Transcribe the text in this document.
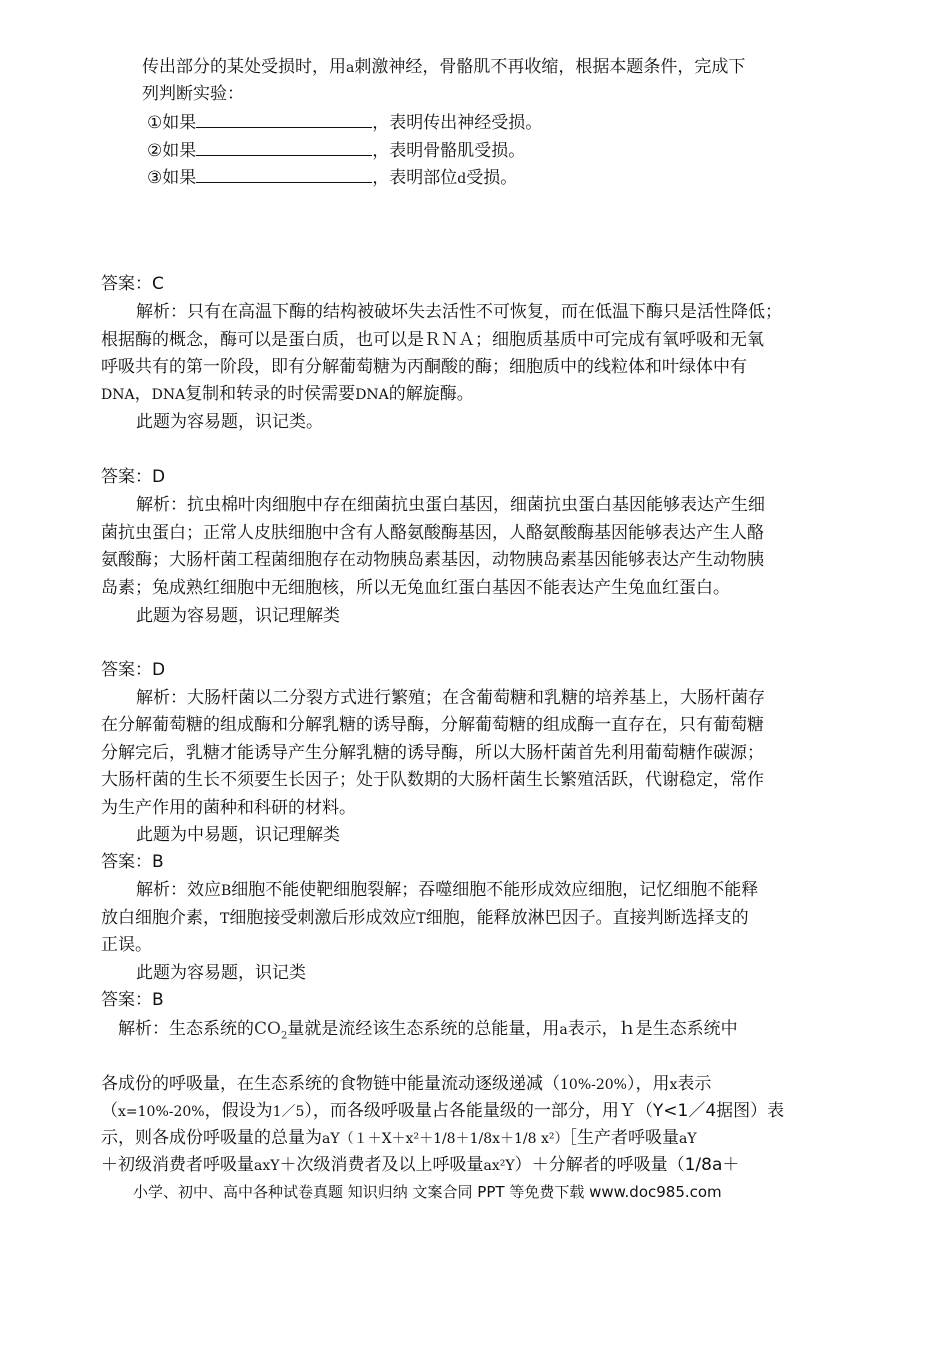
传出部分的某处受损时，用a刺激神经，骨骼肌不再收缩，根据本题条件，完成下
列判断实验：
①如果	，表明传出神经受损。
②如果	，表明骨骼肌受损。
③如果	，表明部位d受损。
答案：C
解析：只有在高温下酶的结构被破坏失去活性不可恢复，而在低温下酶只是活性降低；
根据酶的概念，酶可以是蛋白质，也可以是ＲＮＡ；细胞质基质中可完成有氧呼吸和无氧
呼吸共有的第一阶段，即有分解葡萄糖为丙酮酸的酶；细胞质中的线粒体和叶绿体中有
DNA，DNA复制和转录的时侯需要DNA的解旋酶。
此题为容易题，识记类。
答案：D
解析：抗虫棉叶肉细胞中存在细菌抗虫蛋白基因，细菌抗虫蛋白基因能够表达产生细
菌抗虫蛋白；正常人皮肤细胞中含有人酪氨酸酶基因，人酪氨酸酶基因能够表达产生人酪
氨酸酶；大肠杆菌工程菌细胞存在动物胰岛素基因，动物胰岛素基因能够表达产生动物胰
岛素；兔成熟红细胞中无细胞核，所以无兔血红蛋白基因不能表达产生兔血红蛋白。
此题为容易题，识记理解类
答案：D
解析：大肠杆菌以二分裂方式进行繁殖；在含葡萄糖和乳糖的培养基上，大肠杆菌存
在分解葡萄糖的组成酶和分解乳糖的诱导酶，分解葡萄糖的组成酶一直存在，只有葡萄糖
分解完后，乳糖才能诱导产生分解乳糖的诱导酶，所以大肠杆菌首先利用葡萄糖作碳源；
大肠杆菌的生长不须要生长因子；处于队数期的大肠杆菌生长繁殖活跃，代谢稳定，常作
为生产作用的菌种和科研的材料。
此题为中易题，识记理解类
答案：B
解析：效应B细胞不能使靶细胞裂解；吞噬细胞不能形成效应细胞，记忆细胞不能释
放白细胞介素，T细胞接受刺激后形成效应T细胞，能释放淋巴因子。直接判断选择支的
正误。
此题为容易题，识记类
答案：B
解析：生态系统的$CO_2$量就是流经该生态系统的总能量，用a表示，ｈ是生态系统中
各成份的呼吸量，在生态系统的食物链中能量流动逐级递减（10%-20%），用x表示
（x=10%-20%，假设为1／5），而各级呼吸量占各能量级的一部分，用Ｙ（Y<1／4据图）表
示，则各成份呼吸量的总量为aY（１＋X＋x²＋1/8＋1/8x＋1/8 x²）［生产者呼吸量aY
＋初级消费者呼吸量axY＋次级消费者及以上呼吸量ax²Y）＋分解者的呼吸量（1/8a＋
小学、初中、高中各种试卷真题 知识归纳 文案合同 PPT 等免费下载 www.doc985.com
